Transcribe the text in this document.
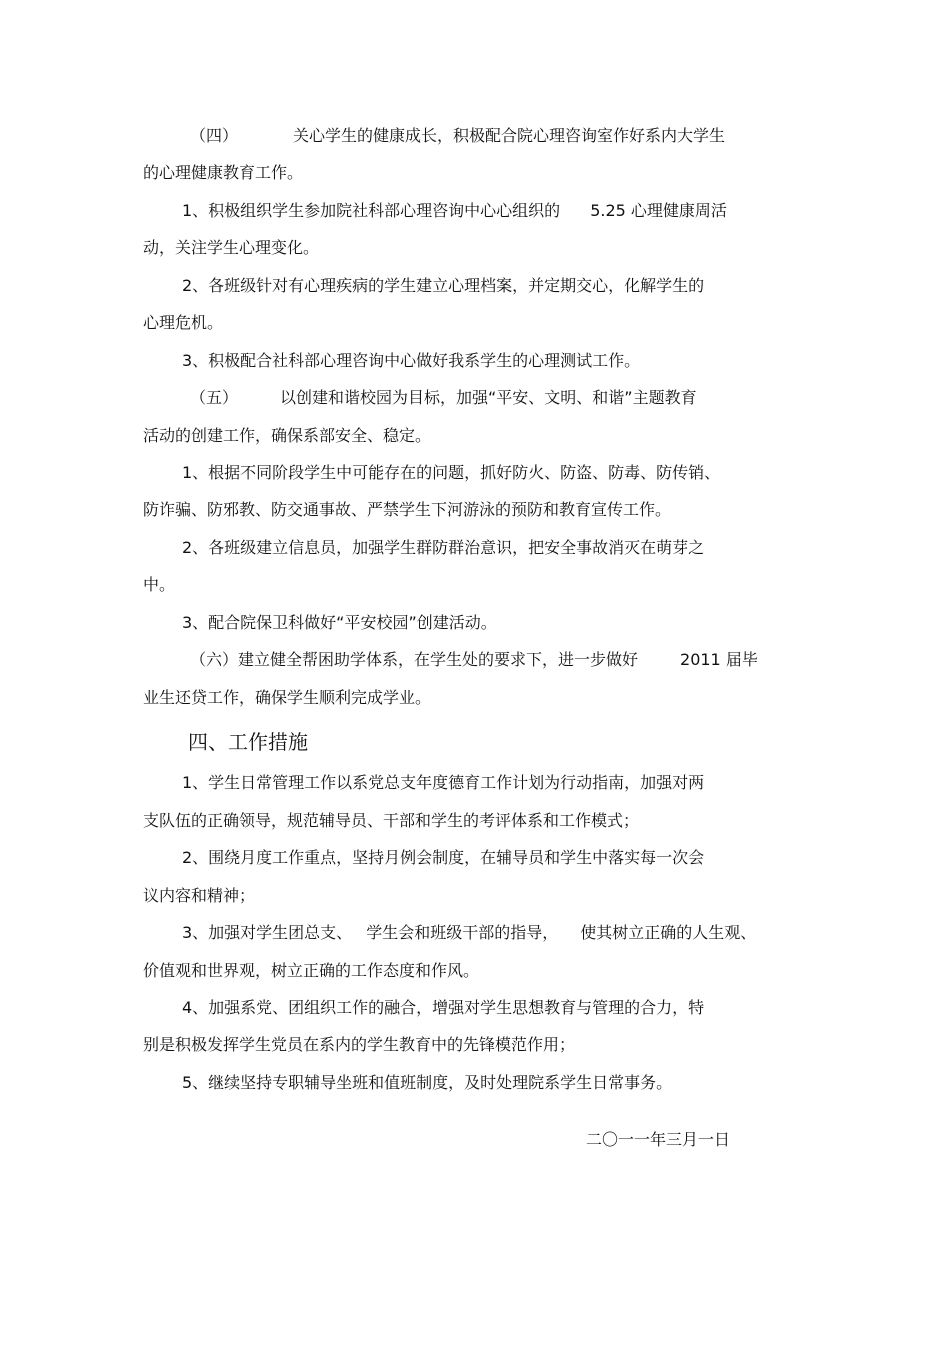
（四）	关心学生的健康成长，积极配合院心理咨询室作好系内大学生
的心理健康教育工作。
1、积极组织学生参加院社科部心理咨询中心心组织的 5.25 心理健康周活
动，关注学生心理变化。
2、各班级针对有心理疾病的学生建立心理档案，并定期交心，化解学生的
心理危机。
3、积极配合社科部心理咨询中心做好我系学生的心理测试工作。
（五）	以创建和谐校园为目标，加强“平安、文明、和谐”主题教育
活动的创建工作，确保系部安全、稳定。
1、根据不同阶段学生中可能存在的问题，抓好防火、防盗、防毒、防传销、
防诈骗、防邪教、防交通事故、严禁学生下河游泳的预防和教育宣传工作。
2、各班级建立信息员，加强学生群防群治意识，把安全事故消灭在萌芽之
中。
3、配合院保卫科做好“平安校园”创建活动。
（六）建立健全帮困助学体系，在学生处的要求下，进一步做好	2011 届毕
业生还贷工作，确保学生顺利完成学业。
四、工作措施
1、学生日常管理工作以系党总支年度德育工作计划为行动指南，加强对两
支队伍的正确领导，规范辅导员、干部和学生的考评体系和工作模式；
2、围绕月度工作重点，坚持月例会制度，在辅导员和学生中落实每一次会
议内容和精神；
3、加强对学生团总支、 学生会和班级干部的指导， 使其树立正确的人生观、
价值观和世界观，树立正确的工作态度和作风。
4、加强系党、团组织工作的融合，增强对学生思想教育与管理的合力，特
别是积极发挥学生党员在系内的学生教育中的先锋模范作用；
5、继续坚持专职辅导坐班和值班制度，及时处理院系学生日常事务。
二〇一一年三月一日
